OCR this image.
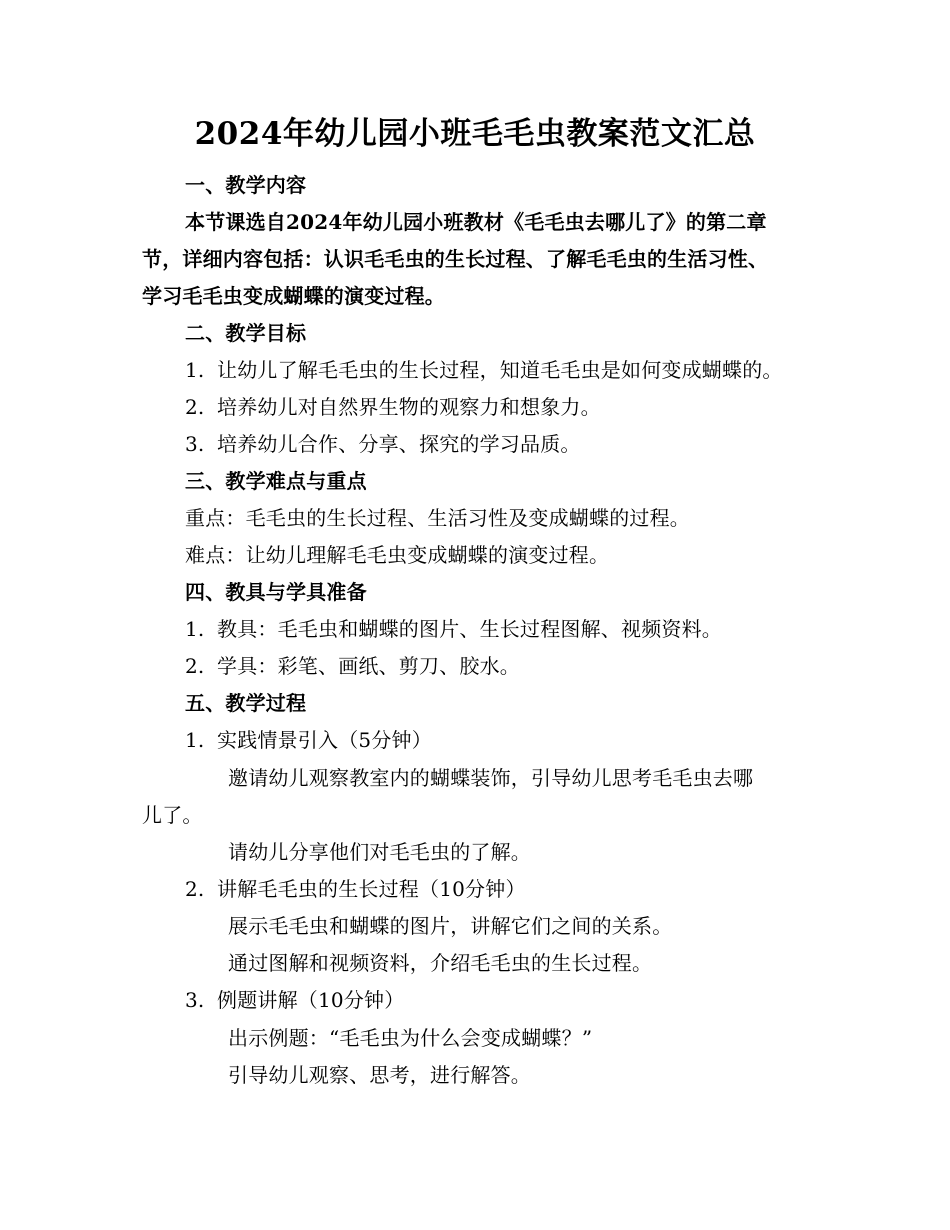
2024年幼儿园小班毛毛虫教案范文汇总
一、教学内容
本节课选自2024年幼儿园小班教材《毛毛虫去哪儿了》的第二章
节，详细内容包括：认识毛毛虫的生长过程、了解毛毛虫的生活习性、
学习毛毛虫变成蝴蝶的演变过程。
二、教学目标
1. 让幼儿了解毛毛虫的生长过程，知道毛毛虫是如何变成蝴蝶的。
2. 培养幼儿对自然界生物的观察力和想象力。
3. 培养幼儿合作、分享、探究的学习品质。
三、教学难点与重点
重点：毛毛虫的生长过程、生活习性及变成蝴蝶的过程。
难点：让幼儿理解毛毛虫变成蝴蝶的演变过程。
四、教具与学具准备
1. 教具：毛毛虫和蝴蝶的图片、生长过程图解、视频资料。
2. 学具：彩笔、画纸、剪刀、胶水。
五、教学过程
1. 实践情景引入（5分钟）
邀请幼儿观察教室内的蝴蝶装饰，引导幼儿思考毛毛虫去哪
儿了。
请幼儿分享他们对毛毛虫的了解。
2. 讲解毛毛虫的生长过程（10分钟）
展示毛毛虫和蝴蝶的图片，讲解它们之间的关系。
通过图解和视频资料，介绍毛毛虫的生长过程。
3. 例题讲解（10分钟）
出示例题：“毛毛虫为什么会变成蝴蝶？”
引导幼儿观察、思考，进行解答。
